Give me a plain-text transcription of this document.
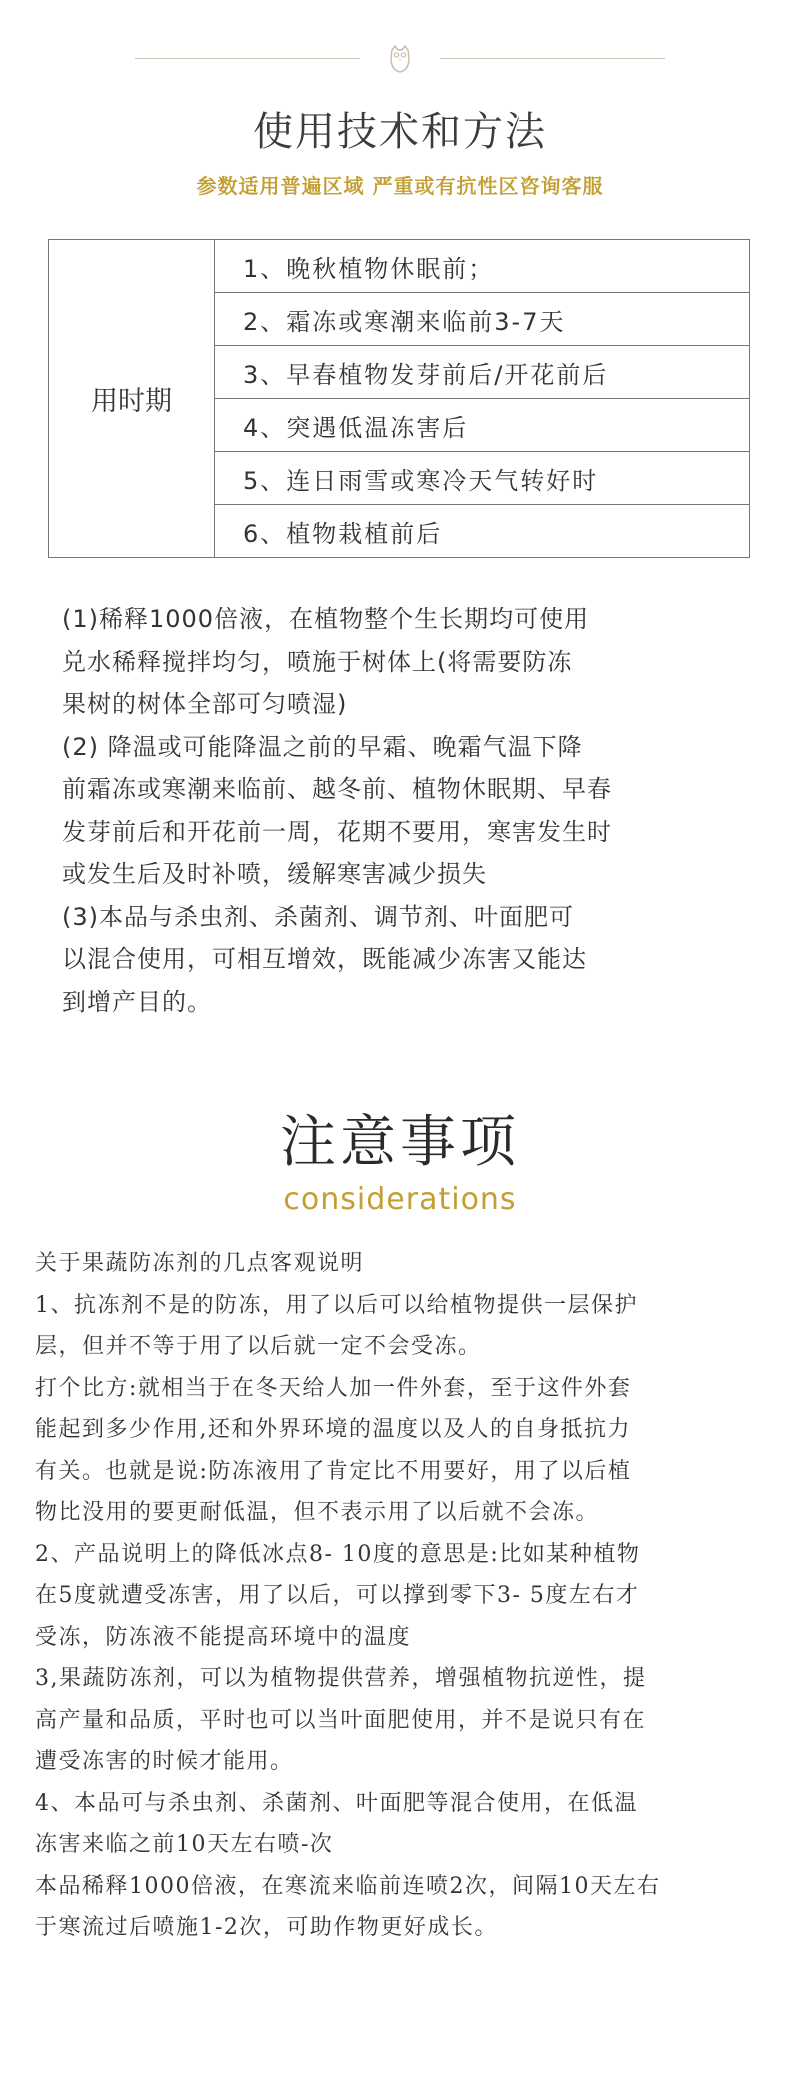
使用技术和方法
参数适用普遍区域 严重或有抗性区咨询客服
用时期	1、晚秋植物休眠前；
2、霜冻或寒潮来临前3-7天
3、早春植物发芽前后/开花前后
4、突遇低温冻害后
5、连日雨雪或寒冷天气转好时
6、植物栽植前后

(1)稀释1000倍液，在植物整个生长期均可使用

兑水稀释搅拌均匀，喷施于树体上(将需要防冻

果树的树体全部可匀喷湿)

(2) 降温或可能降温之前的早霜、晚霜气温下降

前霜冻或寒潮来临前、越冬前、植物休眠期、早春

发芽前后和开花前一周，花期不要用，寒害发生时

或发生后及时补喷，缓解寒害减少损失

(3)本品与杀虫剂、杀菌剂、调节剂、叶面肥可

以混合使用，可相互增效，既能减少冻害又能达

到增产目的。

注意事项
considerations

关于果蔬防冻剂的几点客观说明

1、抗冻剂不是的防冻，用了以后可以给植物提供一层保护

层，但并不等于用了以后就一定不会受冻。

打个比方:就相当于在冬天给人加一件外套，至于这件外套

能起到多少作用,还和外界环境的温度以及人的自身抵抗力

有关。也就是说:防冻液用了肯定比不用要好，用了以后植

物比没用的要更耐低温，但不表示用了以后就不会冻。

2、产品说明上的降低冰点8- 10度的意思是:比如某种植物

在5度就遭受冻害，用了以后，可以撑到零下3- 5度左右才

受冻，防冻液不能提高环境中的温度

3,果蔬防冻剂，可以为植物提供营养，增强植物抗逆性，提

高产量和品质，平时也可以当叶面肥使用，并不是说只有在

遭受冻害的时候才能用。

4、本品可与杀虫剂、杀菌剂、叶面肥等混合使用，在低温

冻害来临之前10天左右喷-次

本品稀释1000倍液，在寒流来临前连喷2次，间隔10天左右

于寒流过后喷施1-2次，可助作物更好成长。
